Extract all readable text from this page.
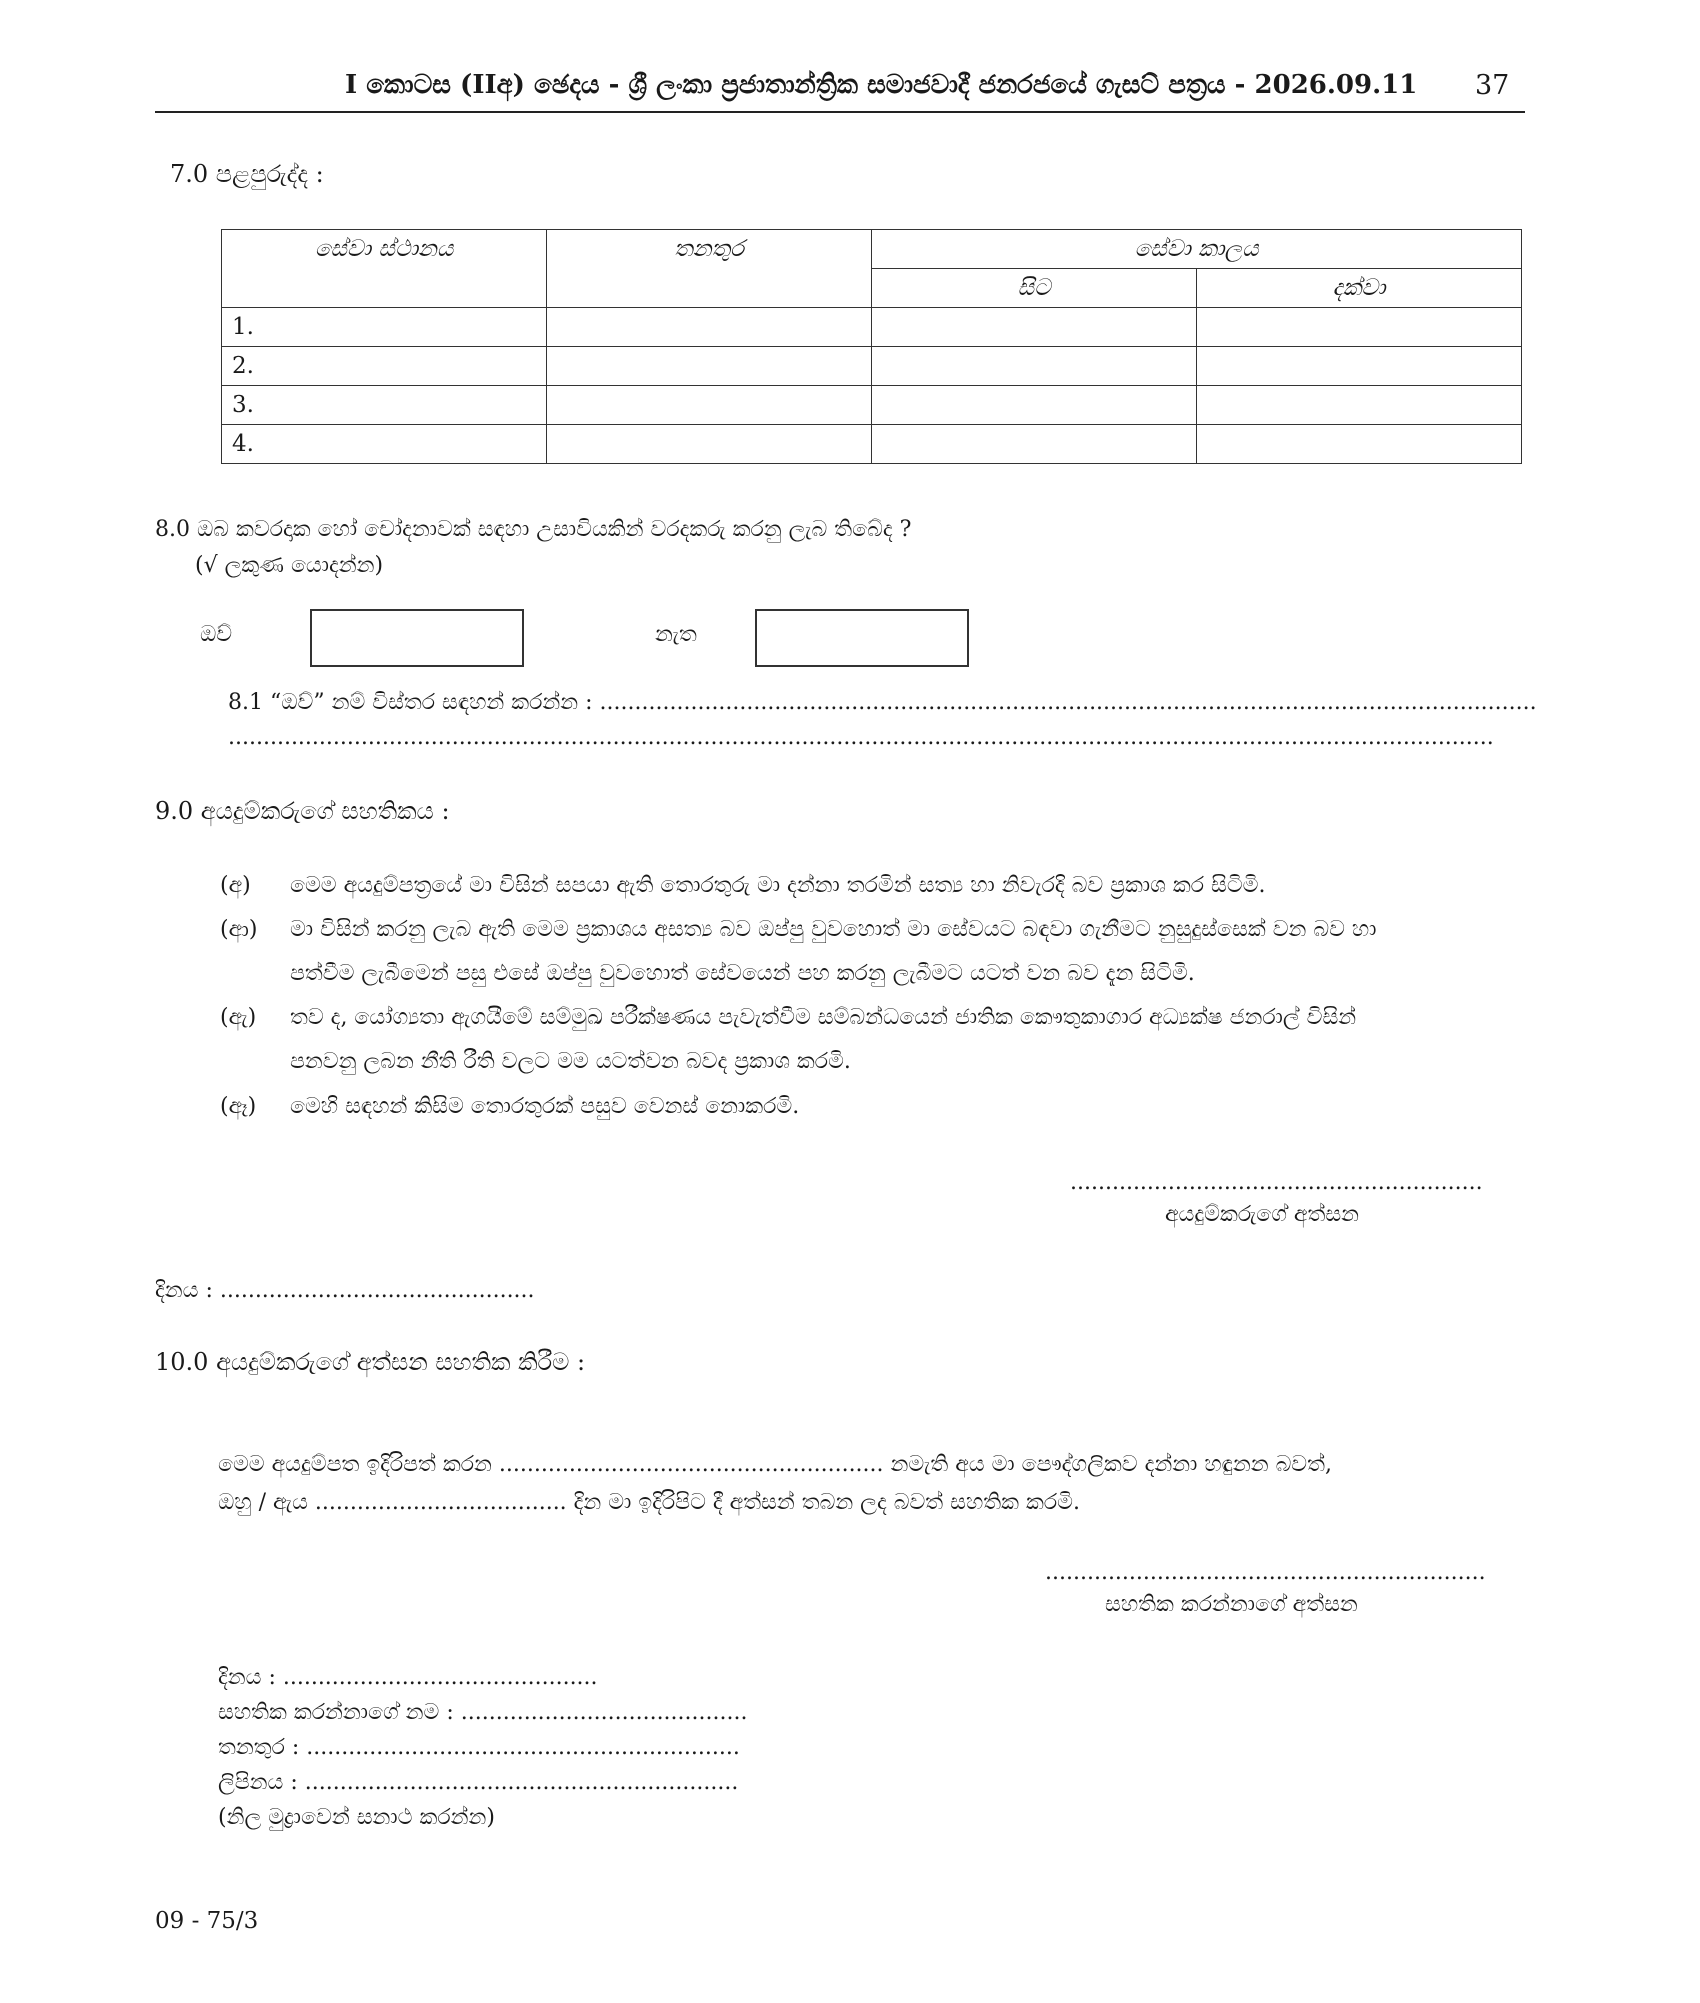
I කොටස (IIඅ) ඡෙදය - ශ්‍රී ලංකා ප්‍රජාතාන්ත්‍රික සමාජවාදී ජනරජයේ ගැසට් පත්‍රය - 2026.09.11 37
7.0 පළපුරුද්ද :
සේවා ස්ථානය	තනතුර	සේවා කාලය	
		සිට	දක්වා
1.			
2.			
3.			
4.			
8.0 ඔබ කවරදාක හෝ චෝදනාවක් සඳහා උසාවියකින් වරදකරු කරනු ලැබ තිබේද ?
(√ ලකුණ යොදන්න)
ඔව්	නැත
8.1 “ඔව්” නම් විස්තර සඳහන් කරන්න : ......................................................................................................................................
.....................................................................................................................................................................................
9.0 අයදුම්කරුගේ සහතිකය :
(අ) මෙම අයදුම්පත්‍රයේ මා විසින් සපයා ඇති තොරතුරු මා දන්නා තරමින් සත්‍ය හා නිවැරදි බව ප්‍රකාශ කර සිටිමි.
(ආ) මා විසින් කරනු ලැබ ඇති මෙම ප්‍රකාශය අසත්‍ය බව ඔප්පු වුවහොත් මා සේවයට බඳවා ගැනීමට නුසුදුස්සෙක් වන බව හා
පත්වීම ලැබීමෙන් පසු එසේ ඔප්පු වුවහොත් සේවයෙන් පහ කරනු ලැබීමට යටත් වන බව දැන සිටිමි.
(ඇ) තව ද, යෝග්‍යතා ඇගයීමේ සම්මුඛ පරීක්ෂණය පැවැත්වීම සම්බන්ධයෙන් ජාතික කෞතුකාගාර අධ්‍යක්ෂ ජනරාල් විසින්
පනවනු ලබන නීති රීති වලට මම යටත්වන බවද ප්‍රකාශ කරමි.
(ඈ) මෙහි සඳහන් කිසිම තොරතුරක් පසුව වෙනස් නොකරමි.
...........................................................
අයදුම්කරුගේ අත්සන
දිනය : .............................................
10.0 අයදුම්කරුගේ අත්සන සහතික කිරීම :
මෙම අයදුම්පත ඉදිරිපත් කරන ....................................................... නමැති අය මා පෞද්ගලිකව දන්නා හඳුනන බවත්,
ඔහු / ඇය .................................... දින මා ඉදිරිපිට දී අත්සන් තබන ලද බවත් සහතික කරමි.
...............................................................
සහතික කරන්නාගේ අත්සන
දිනය : .............................................
සහතික කරන්නාගේ නම : .........................................
තනතුර : ..............................................................
ලිපිනය : ..............................................................
(නිල මුද්‍රාවෙන් සනාථ කරන්න)
09 - 75/3
